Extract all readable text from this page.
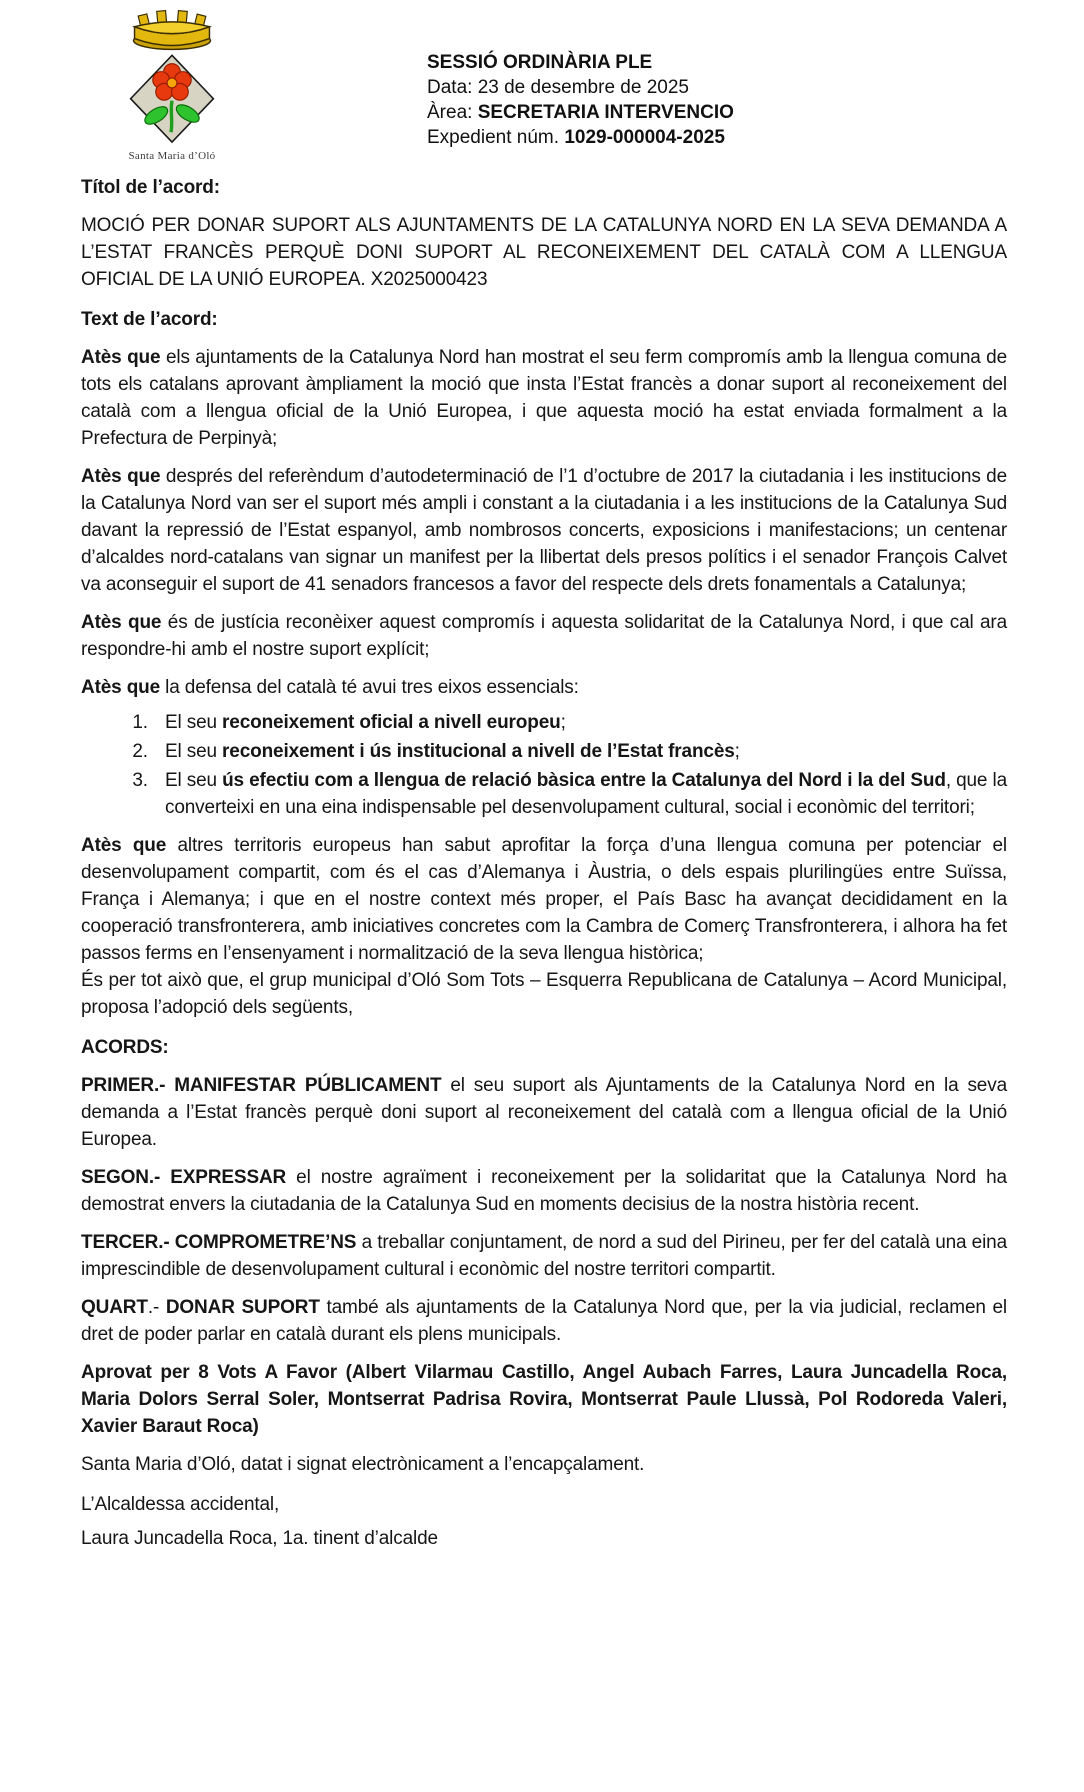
Santa Maria d’Oló
SESSIÓ ORDINÀRIA PLE
Data: 23 de desembre de 2025
Àrea: SECRETARIA INTERVENCIO
Expedient núm. 1029-000004-2025
Títol de l’acord:

MOCIÓ PER DONAR SUPORT ALS AJUNTAMENTS DE LA CATALUNYA NORD EN LA SEVA DEMANDA A L’ESTAT FRANCÈS PERQUÈ DONI SUPORT AL RECONEIXEMENT DEL CATALÀ COM A LLENGUA OFICIAL DE LA UNIÓ EUROPEA. X2025000423

Text de l’acord:

Atès que els ajuntaments de la Catalunya Nord han mostrat el seu ferm compromís amb la llengua comuna de tots els catalans aprovant àmpliament la moció que insta l’Estat francès a donar suport al reconeixement del català com a llengua oficial de la Unió Europea, i que aquesta moció ha estat enviada formalment a la Prefectura de Perpinyà;

Atès que després del referèndum d’autodeterminació de l’1 d’octubre de 2017 la ciutadania i les institucions de la Catalunya Nord van ser el suport més ampli i constant a la ciutadania i a les institucions de la Catalunya Sud davant la repressió de l’Estat espanyol, amb nombrosos concerts, exposicions i manifestacions; un centenar d’alcaldes nord-catalans van signar un manifest per la llibertat dels presos polítics i el senador François Calvet va aconseguir el suport de 41 senadors francesos a favor del respecte dels drets fonamentals a Catalunya;

Atès que és de justícia reconèixer aquest compromís i aquesta solidaritat de la Catalunya Nord, i que cal ara respondre-hi amb el nostre suport explícit;

Atès que la defensa del català té avui tres eixos essencials:

1. El seu reconeixement oficial a nivell europeu;
2. El seu reconeixement i ús institucional a nivell de l’Estat francès;
3. El seu ús efectiu com a llengua de relació bàsica entre la Catalunya del Nord i la del Sud, que la converteixi en una eina indispensable pel desenvolupament cultural, social i econòmic del territori;

Atès que altres territoris europeus han sabut aprofitar la força d’una llengua comuna per potenciar el desenvolupament compartit, com és el cas d’Alemanya i Àustria, o dels espais plurilingües entre Suïssa, França i Alemanya; i que en el nostre context més proper, el País Basc ha avançat decididament en la cooperació transfronterera, amb iniciatives concretes com la Cambra de Comerç Transfronterera, i alhora ha fet passos ferms en l’ensenyament i normalització de la seva llengua històrica;

És per tot això que, el grup municipal d’Oló Som Tots – Esquerra Republicana de Catalunya – Acord Municipal, proposa l’adopció dels següents,

ACORDS:

PRIMER.- MANIFESTAR PÚBLICAMENT el seu suport als Ajuntaments de la Catalunya Nord en la seva demanda a l’Estat francès perquè doni suport al reconeixement del català com a llengua oficial de la Unió Europea.

SEGON.- EXPRESSAR el nostre agraïment i reconeixement per la solidaritat que la Catalunya Nord ha demostrat envers la ciutadania de la Catalunya Sud en moments decisius de la nostra història recent.

TERCER.- COMPROMETRE’NS a treballar conjuntament, de nord a sud del Pirineu, per fer del català una eina imprescindible de desenvolupament cultural i econòmic del nostre territori compartit.

QUART.- DONAR SUPORT també als ajuntaments de la Catalunya Nord que, per la via judicial, reclamen el dret de poder parlar en català durant els plens municipals.

Aprovat per 8 Vots A Favor (Albert Vilarmau Castillo, Angel Aubach Farres, Laura Juncadella Roca, Maria Dolors Serral Soler, Montserrat Padrisa Rovira, Montserrat Paule Llussà, Pol Rodoreda Valeri, Xavier Baraut Roca)

Santa Maria d’Oló, datat i signat electrònicament a l’encapçalament.

L’Alcaldessa accidental,
Laura Juncadella Roca, 1a. tinent d’alcalde
